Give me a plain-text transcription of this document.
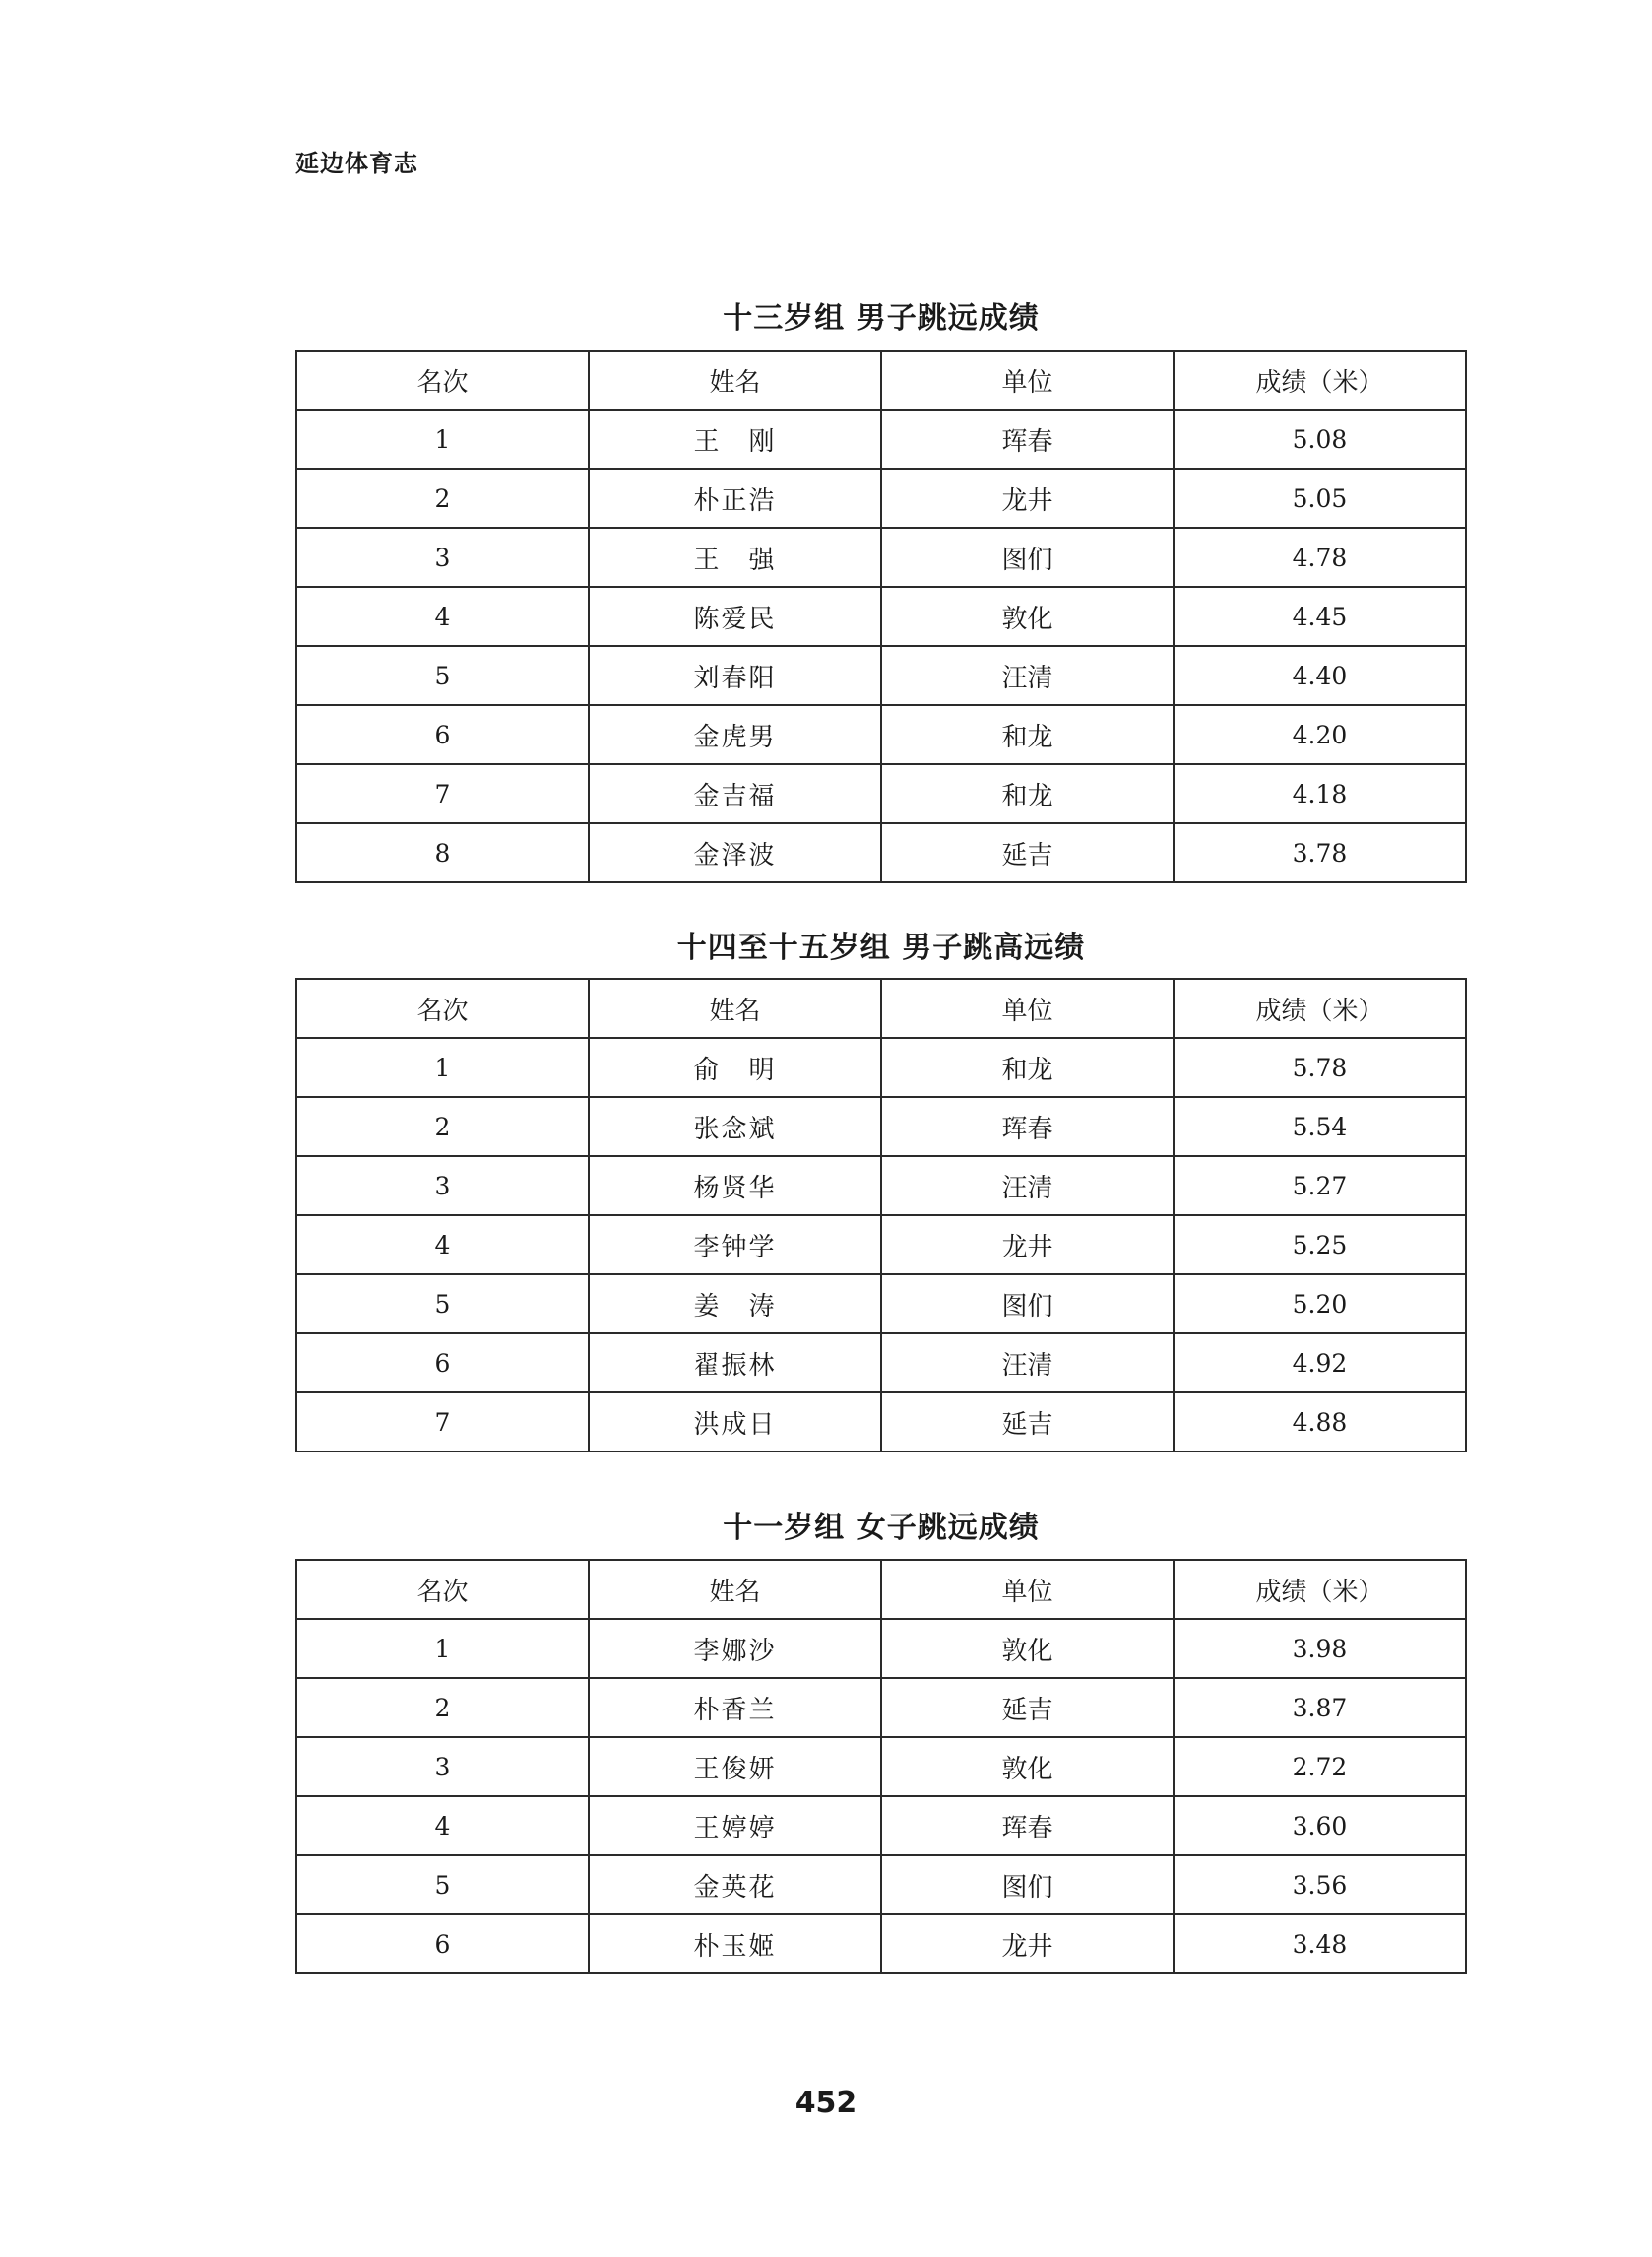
延边体育志
十三岁组 男子跳远成绩
名次	姓名	单位	成绩（米）
1	王　刚	珲春	5.08
2	朴正浩	龙井	5.05
3	王　强	图们	4.78
4	陈爱民	敦化	4.45
5	刘春阳	汪清	4.40
6	金虎男	和龙	4.20
7	金吉福	和龙	4.18
8	金泽波	延吉	3.78
十四至十五岁组 男子跳高远绩
名次	姓名	单位	成绩（米）
1	俞　明	和龙	5.78
2	张念斌	珲春	5.54
3	杨贤华	汪清	5.27
4	李钟学	龙井	5.25
5	姜　涛	图们	5.20
6	翟振林	汪清	4.92
7	洪成日	延吉	4.88
十一岁组 女子跳远成绩
名次	姓名	单位	成绩（米）
1	李娜沙	敦化	3.98
2	朴香兰	延吉	3.87
3	王俊妍	敦化	2.72
4	王婷婷	珲春	3.60
5	金英花	图们	3.56
6	朴玉姬	龙井	3.48
452
